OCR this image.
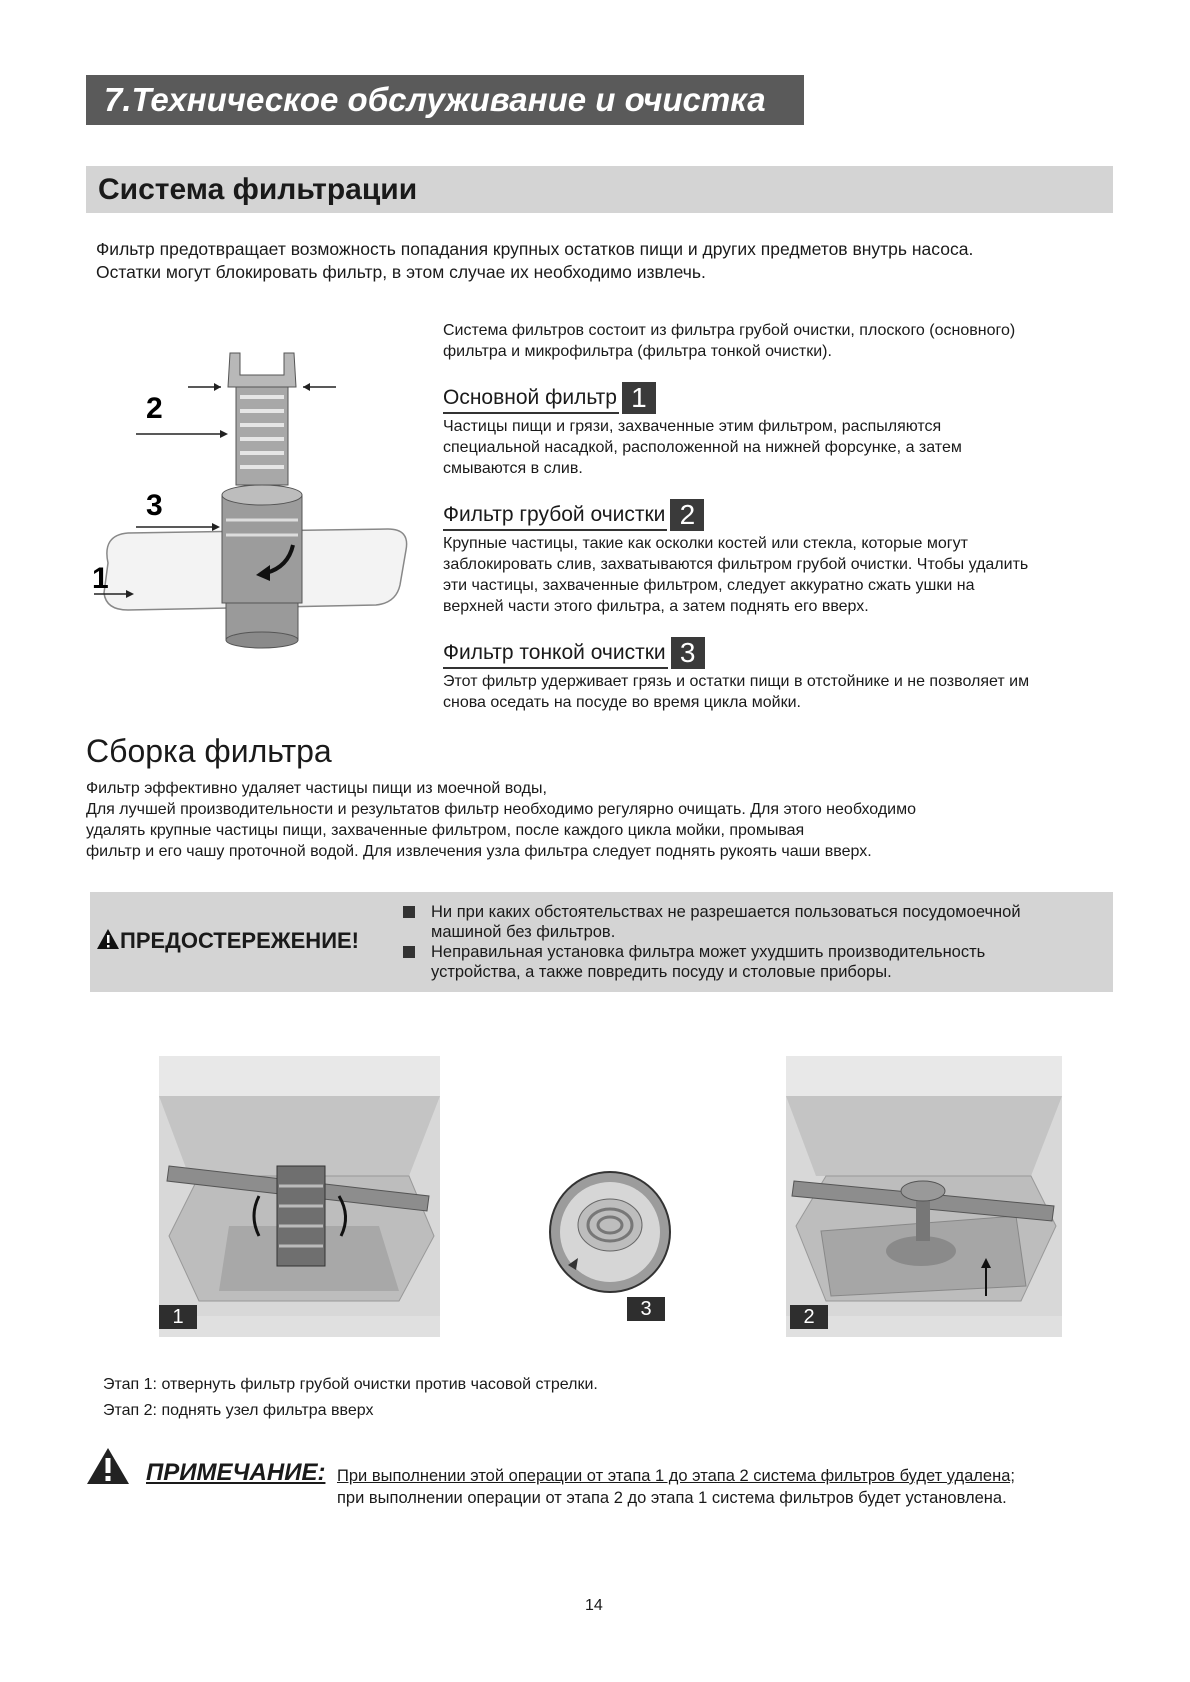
7.Техническое обслуживание и очистка
Система фильтрации
Фильтр предотвращает возможность попадания крупных остатков пищи и других предметов внутрь насоса.
Остатки могут блокировать фильтр, в этом случае их необходимо извлечь.
2
3
1
Система фильтров состоит из фильтра грубой очистки, плоского (основного)
фильтра и микрофильтра (фильтра тонкой очистки).
Основной фильтр 1
Частицы пищи и грязи, захваченные этим фильтром, распыляются
специальной насадкой, расположенной на нижней форсунке, а затем
смываются в слив.
Фильтр грубой очистки 2
Крупные частицы, такие как осколки костей или стекла, которые могут
заблокировать слив, захватываются фильтром грубой очистки. Чтобы удалить
эти частицы, захваченные фильтром, следует аккуратно сжать ушки на
верхней части этого фильтра, а затем поднять его вверх.
Фильтр тонкой очистки 3
Этот фильтр удерживает грязь и остатки пищи в отстойнике и не позволяет им
снова оседать на посуде во время цикла мойки.
Сборка фильтра
Фильтр эффективно удаляет частицы пищи из моечной воды,
Для лучшей производительности и результатов фильтр необходимо регулярно очищать. Для этого необходимо
удалять крупные частицы пищи, захваченные фильтром, после каждого цикла мойки, промывая
фильтр и его чашу проточной водой. Для извлечения узла фильтра следует поднять рукоять чаши вверх.
ПРЕДОСТЕРЕЖЕНИЕ!
Ни при каких обстоятельствах не разрешается пользоваться посудомоечной
машиной без фильтров.
Неправильная установка фильтра может ухудшить производительность
устройства, а также повредить посуду и столовые приборы.
1	3	2
Этап 1: отвернуть фильтр грубой очистки против часовой стрелки.
Этап 2: поднять узел фильтра вверх
ПРИМЕЧАНИЕ: При выполнении этой операции от этапа 1 до этапа 2 система фильтров будет удалена;
при выполнении операции от этапа 2 до этапа 1 система фильтров будет установлена.
14
